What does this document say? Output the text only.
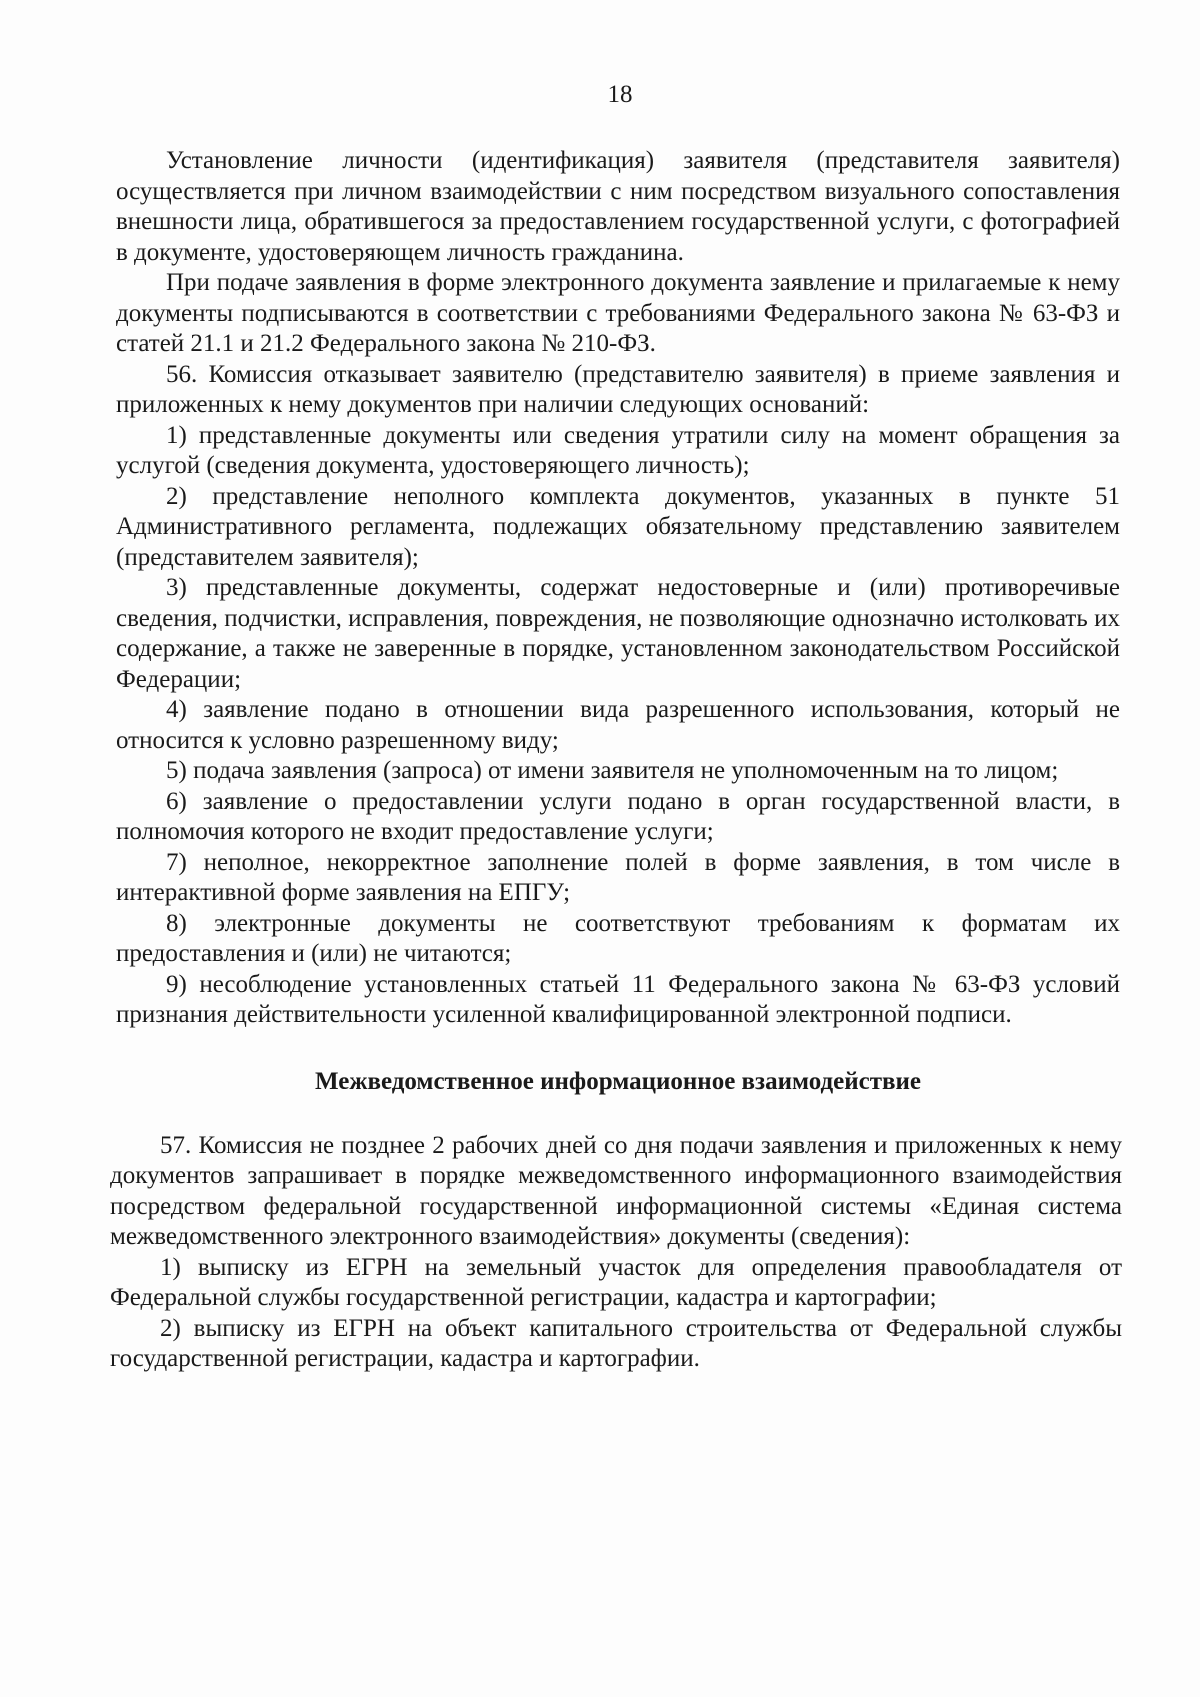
18

Установление личности (идентификация) заявителя (представителя заявителя) осуществляется при личном взаимодействии с ним посредством визуального сопоставления внешности лица, обратившегося за предоставлением государственной услуги, с фотографией в документе, удостоверяющем личность гражданина.

При подаче заявления в форме электронного документа заявление и прилагаемые к нему документы подписываются в соответствии с требованиями Федерального закона № 63-ФЗ и статей 21.1 и 21.2 Федерального закона № 210-ФЗ.

56. Комиссия отказывает заявителю (представителю заявителя) в приеме заявления и приложенных к нему документов при наличии следующих оснований:

1) представленные документы или сведения утратили силу на момент обращения за услугой (сведения документа, удостоверяющего личность);

2) представление неполного комплекта документов, указанных в пункте 51 Административного регламента, подлежащих обязательному представлению заявителем (представителем заявителя);

3) представленные документы, содержат недостоверные и (или) противоречивые сведения, подчистки, исправления, повреждения, не позволяющие однозначно истолковать их содержание, а также не заверенные в порядке, установленном законодательством Российской Федерации;

4) заявление подано в отношении вида разрешенного использования, который не относится к условно разрешенному виду;

5) подача заявления (запроса) от имени заявителя не уполномоченным на то лицом;

6) заявление о предоставлении услуги подано в орган государственной власти, в полномочия которого не входит предоставление услуги;

7) неполное, некорректное заполнение полей в форме заявления, в том числе в интерактивной форме заявления на ЕПГУ;

8) электронные документы не соответствуют требованиям к форматам их предоставления и (или) не читаются;

9) несоблюдение установленных статьей 11 Федерального закона № 63-ФЗ условий признания действительности усиленной квалифицированной электронной подписи.

Межведомственное информационное взаимодействие

57. Комиссия не позднее 2 рабочих дней со дня подачи заявления и приложенных к нему документов запрашивает в порядке межведомственного информационного взаимодействия посредством федеральной государственной информационной системы «Единая система межведомственного электронного взаимодействия» документы (сведения):

1) выписку из ЕГРН на земельный участок для определения правообладателя от Федеральной службы государственной регистрации, кадастра и картографии;

2) выписку из ЕГРН на объект капитального строительства от Федеральной службы государственной регистрации, кадастра и картографии.
